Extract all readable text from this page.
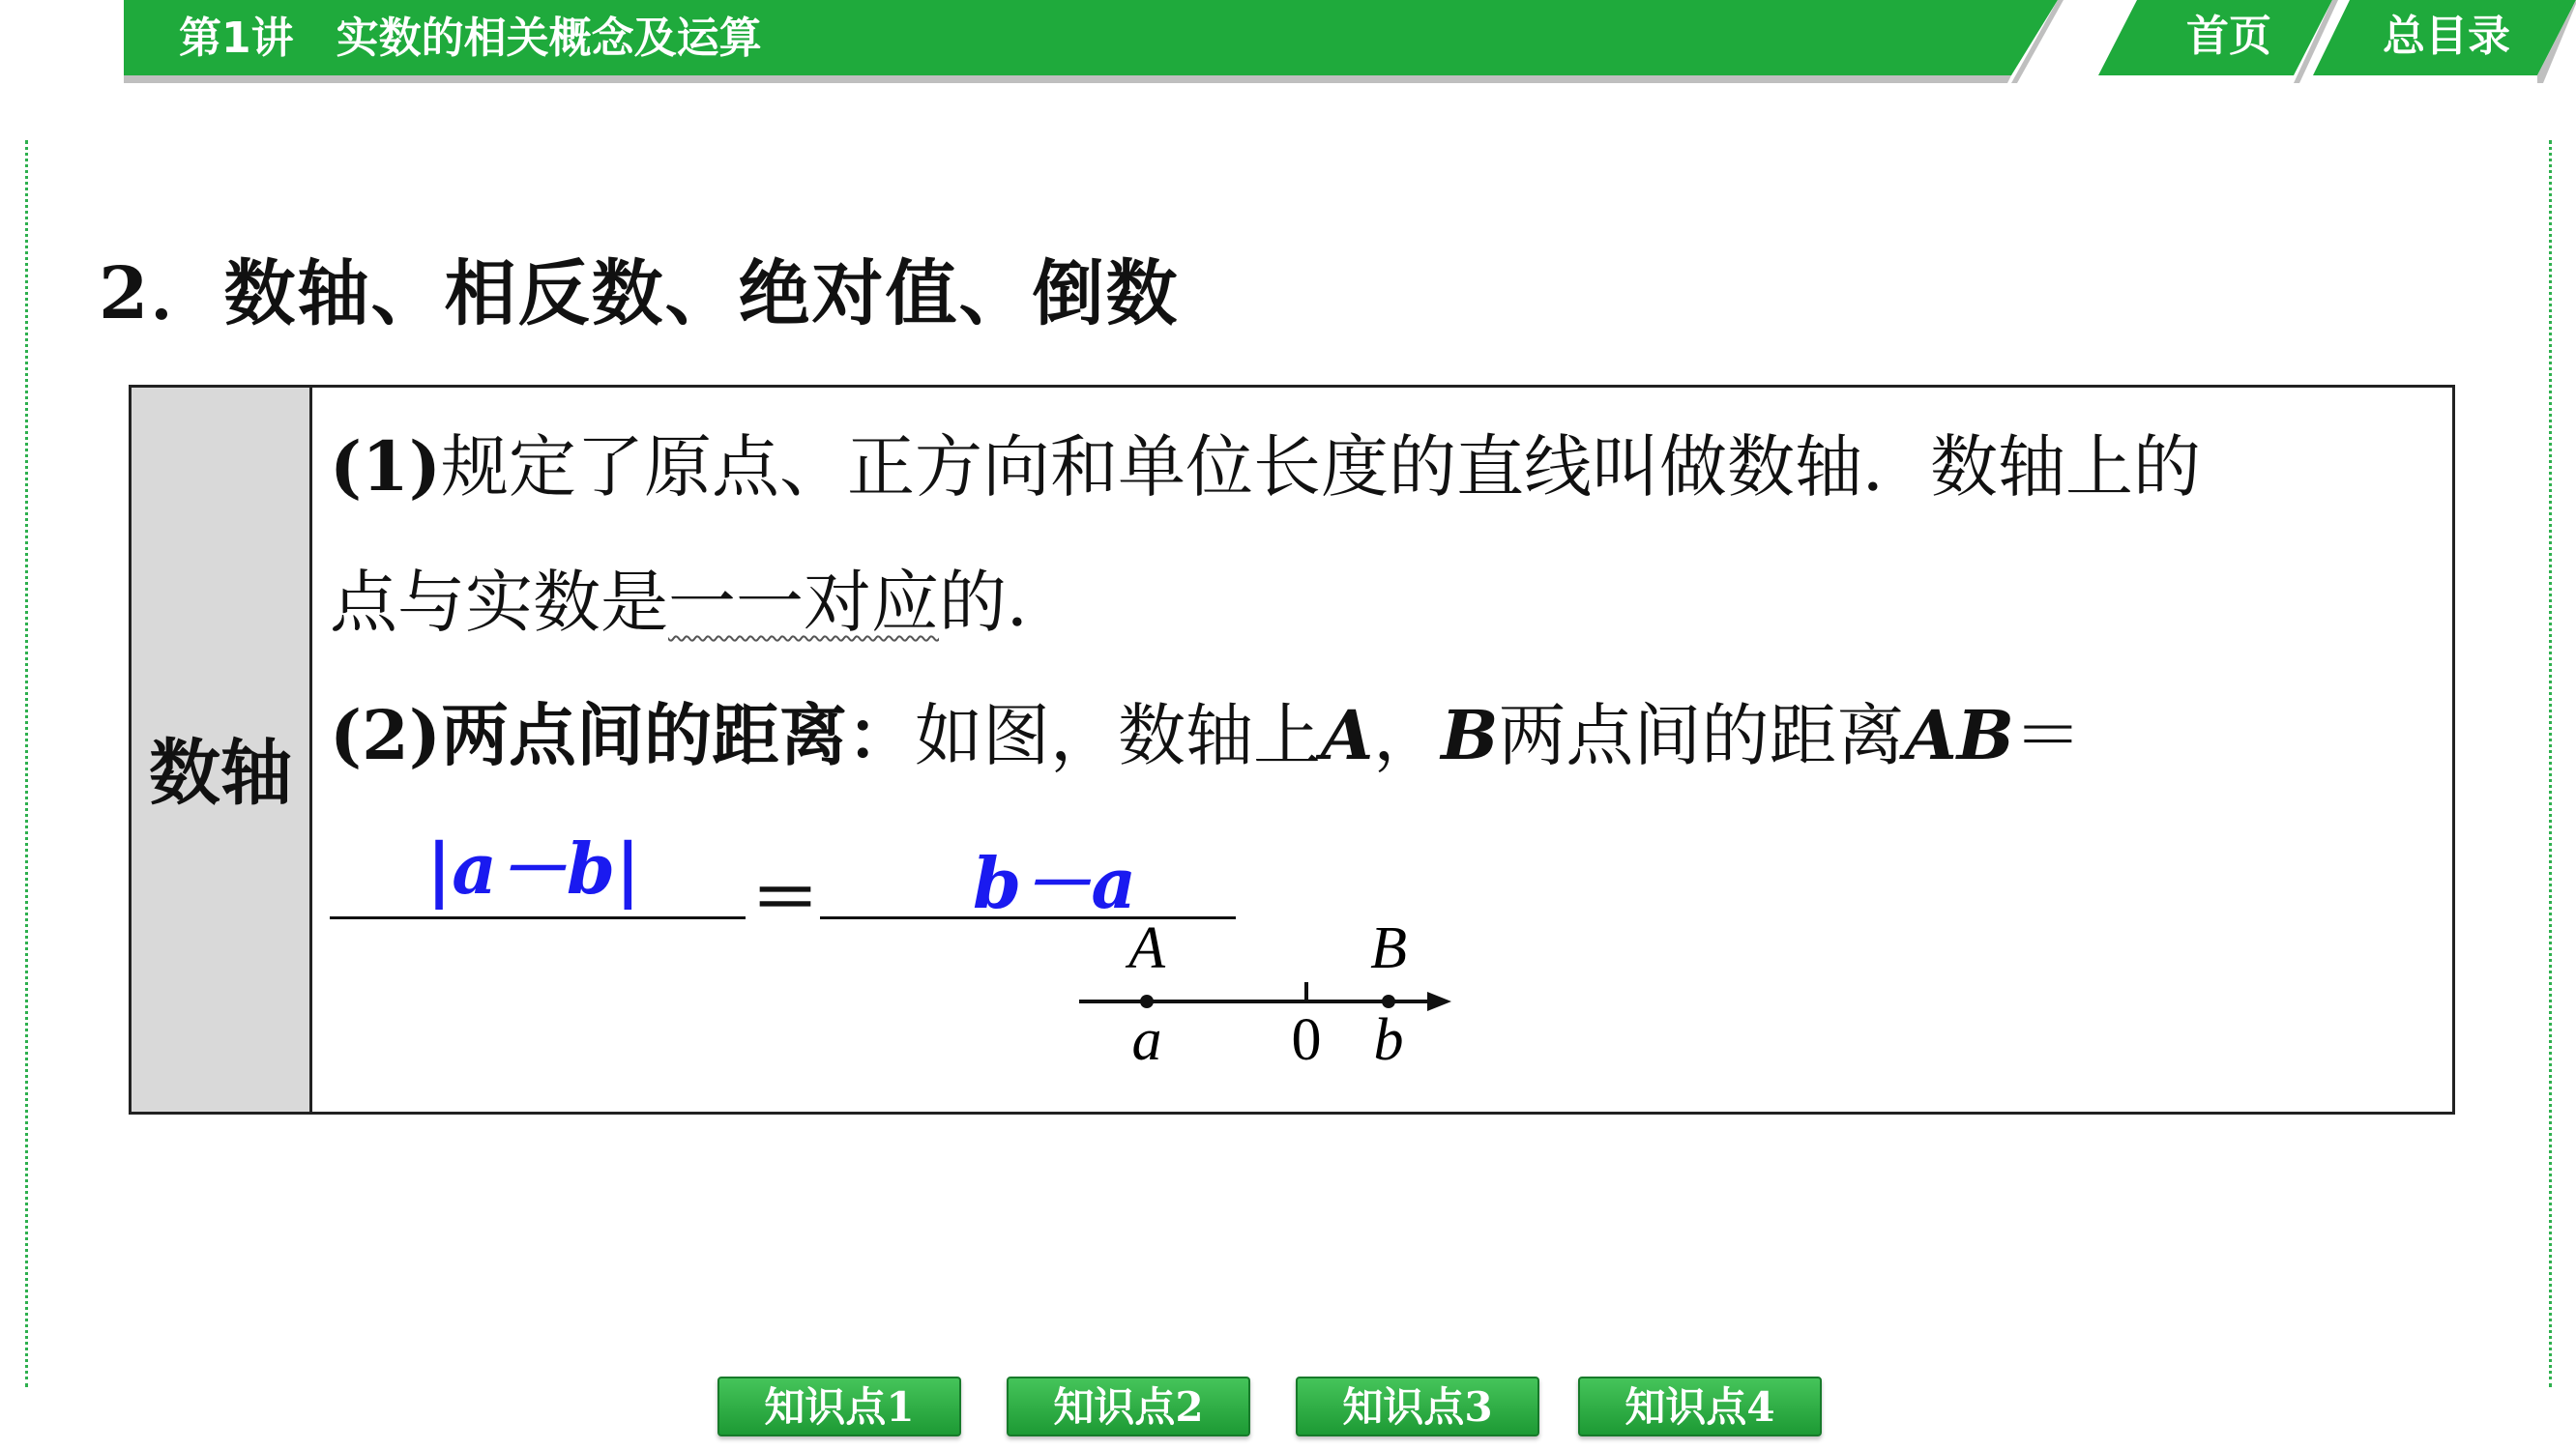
第1讲 实数的相关概念及运算	首页	总目录
2．数轴、相反数、绝对值、倒数
数轴
(1)规定了原点、正方向和单位长度的直线叫做数轴．数轴上的
点与实数是一一对应的．
(2)两点间的距离：如图，数轴上A，B两点间的距离AB＝
|a－b| ＝ b－a
A	B
a 0 b
知识点1	知识点2	知识点3	知识点4
